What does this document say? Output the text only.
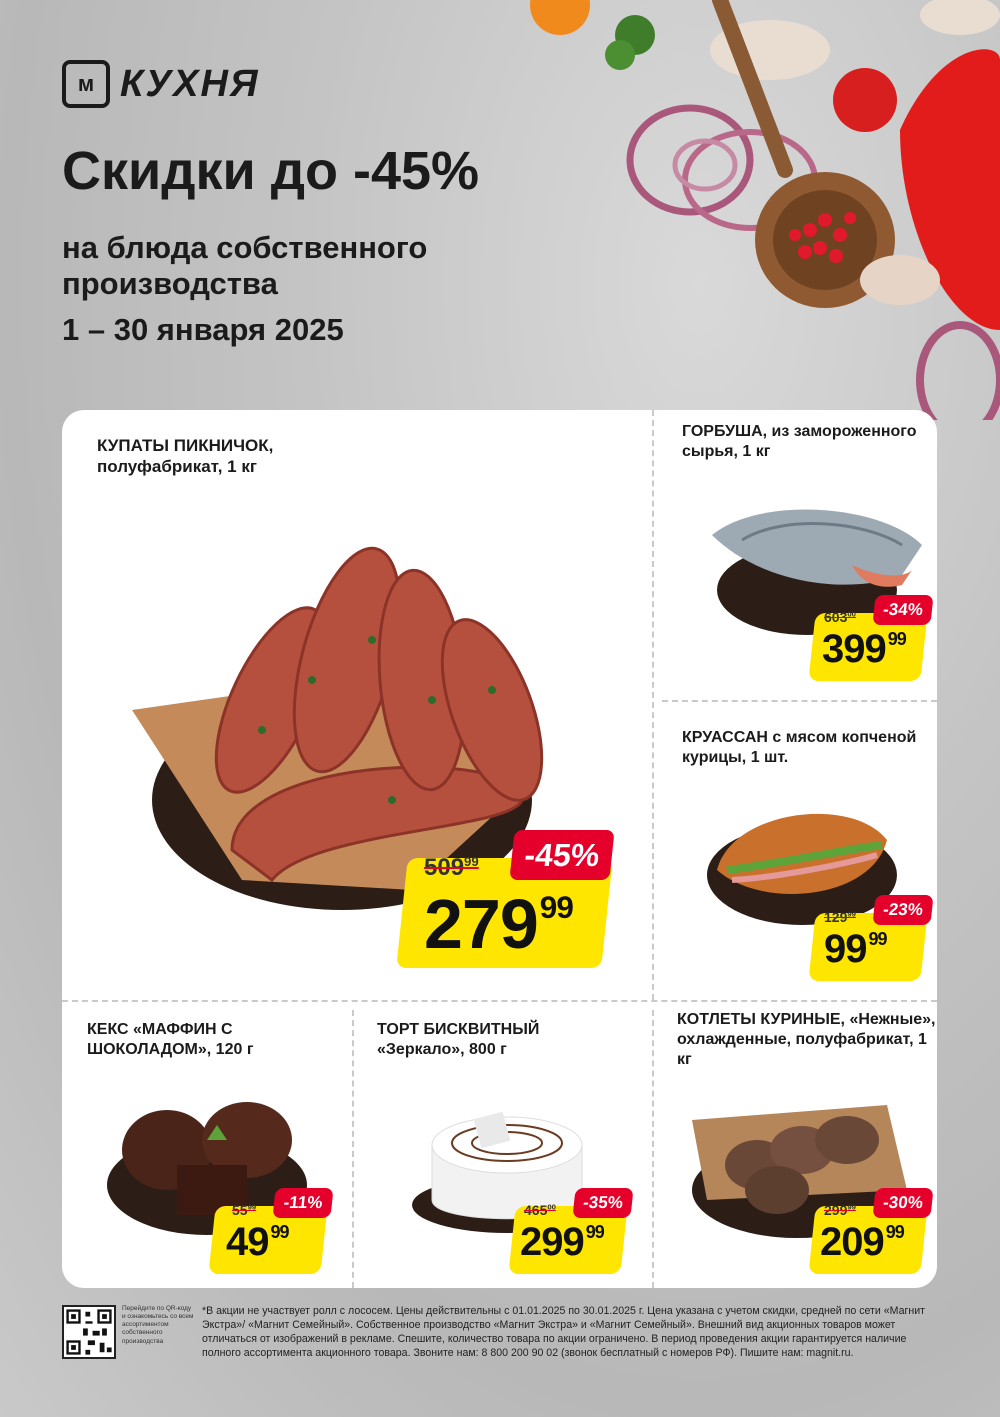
м КУХНЯ
Скидки до -45%
на блюда собственного производства
1 – 30 января 2025
КУПАТЫ ПИКНИЧОК, полуфабрикат, 1 кг
-45%
$509^{99}$
$279^{99}$
ГОРБУША, из замороженного сырья, 1 кг
-34%
$603^{00}$
399 $^{99}$
КРУАССАН с мясом копченой курицы, 1 шт.
-23%
$129^{99}$
99 $^{99}$
КЕКС «МАФФИН С ШОКОЛАДОМ», 120 г
-11%
$55^{99}$
49 $^{99}$
ТОРТ БИСКВИТНЫЙ «Зеркало», 800 г
-35%
$465^{00}$
299 $^{99}$
КОТЛЕТЫ КУРИНЫЕ, «Нежные», охлажденные, полуфабрикат, 1 кг
-30%
$299^{99}$
209 $^{99}$
Перейдите по QR-коду и ознакомьтесь со всем ассортиментом собственного производства
*В акции не участвует ролл с лососем. Цены действительны с 01.01.2025 по 30.01.2025 г. Цена указана с учетом скидки, средней по сети «Магнит Экстра»/ «Магнит Семейный». Собственное производство «Магнит Экстра» и «Магнит Семейный». Внешний вид акционных товаров может отличаться от изображений в рекламе. Спешите, количество товара по акции ограничено. В период проведения акции гарантируется наличие полного ассортимента акционного товара. Звоните нам: 8 800 200 90 02 (звонок бесплатный с номеров РФ). Пишите нам: magnit.ru.
